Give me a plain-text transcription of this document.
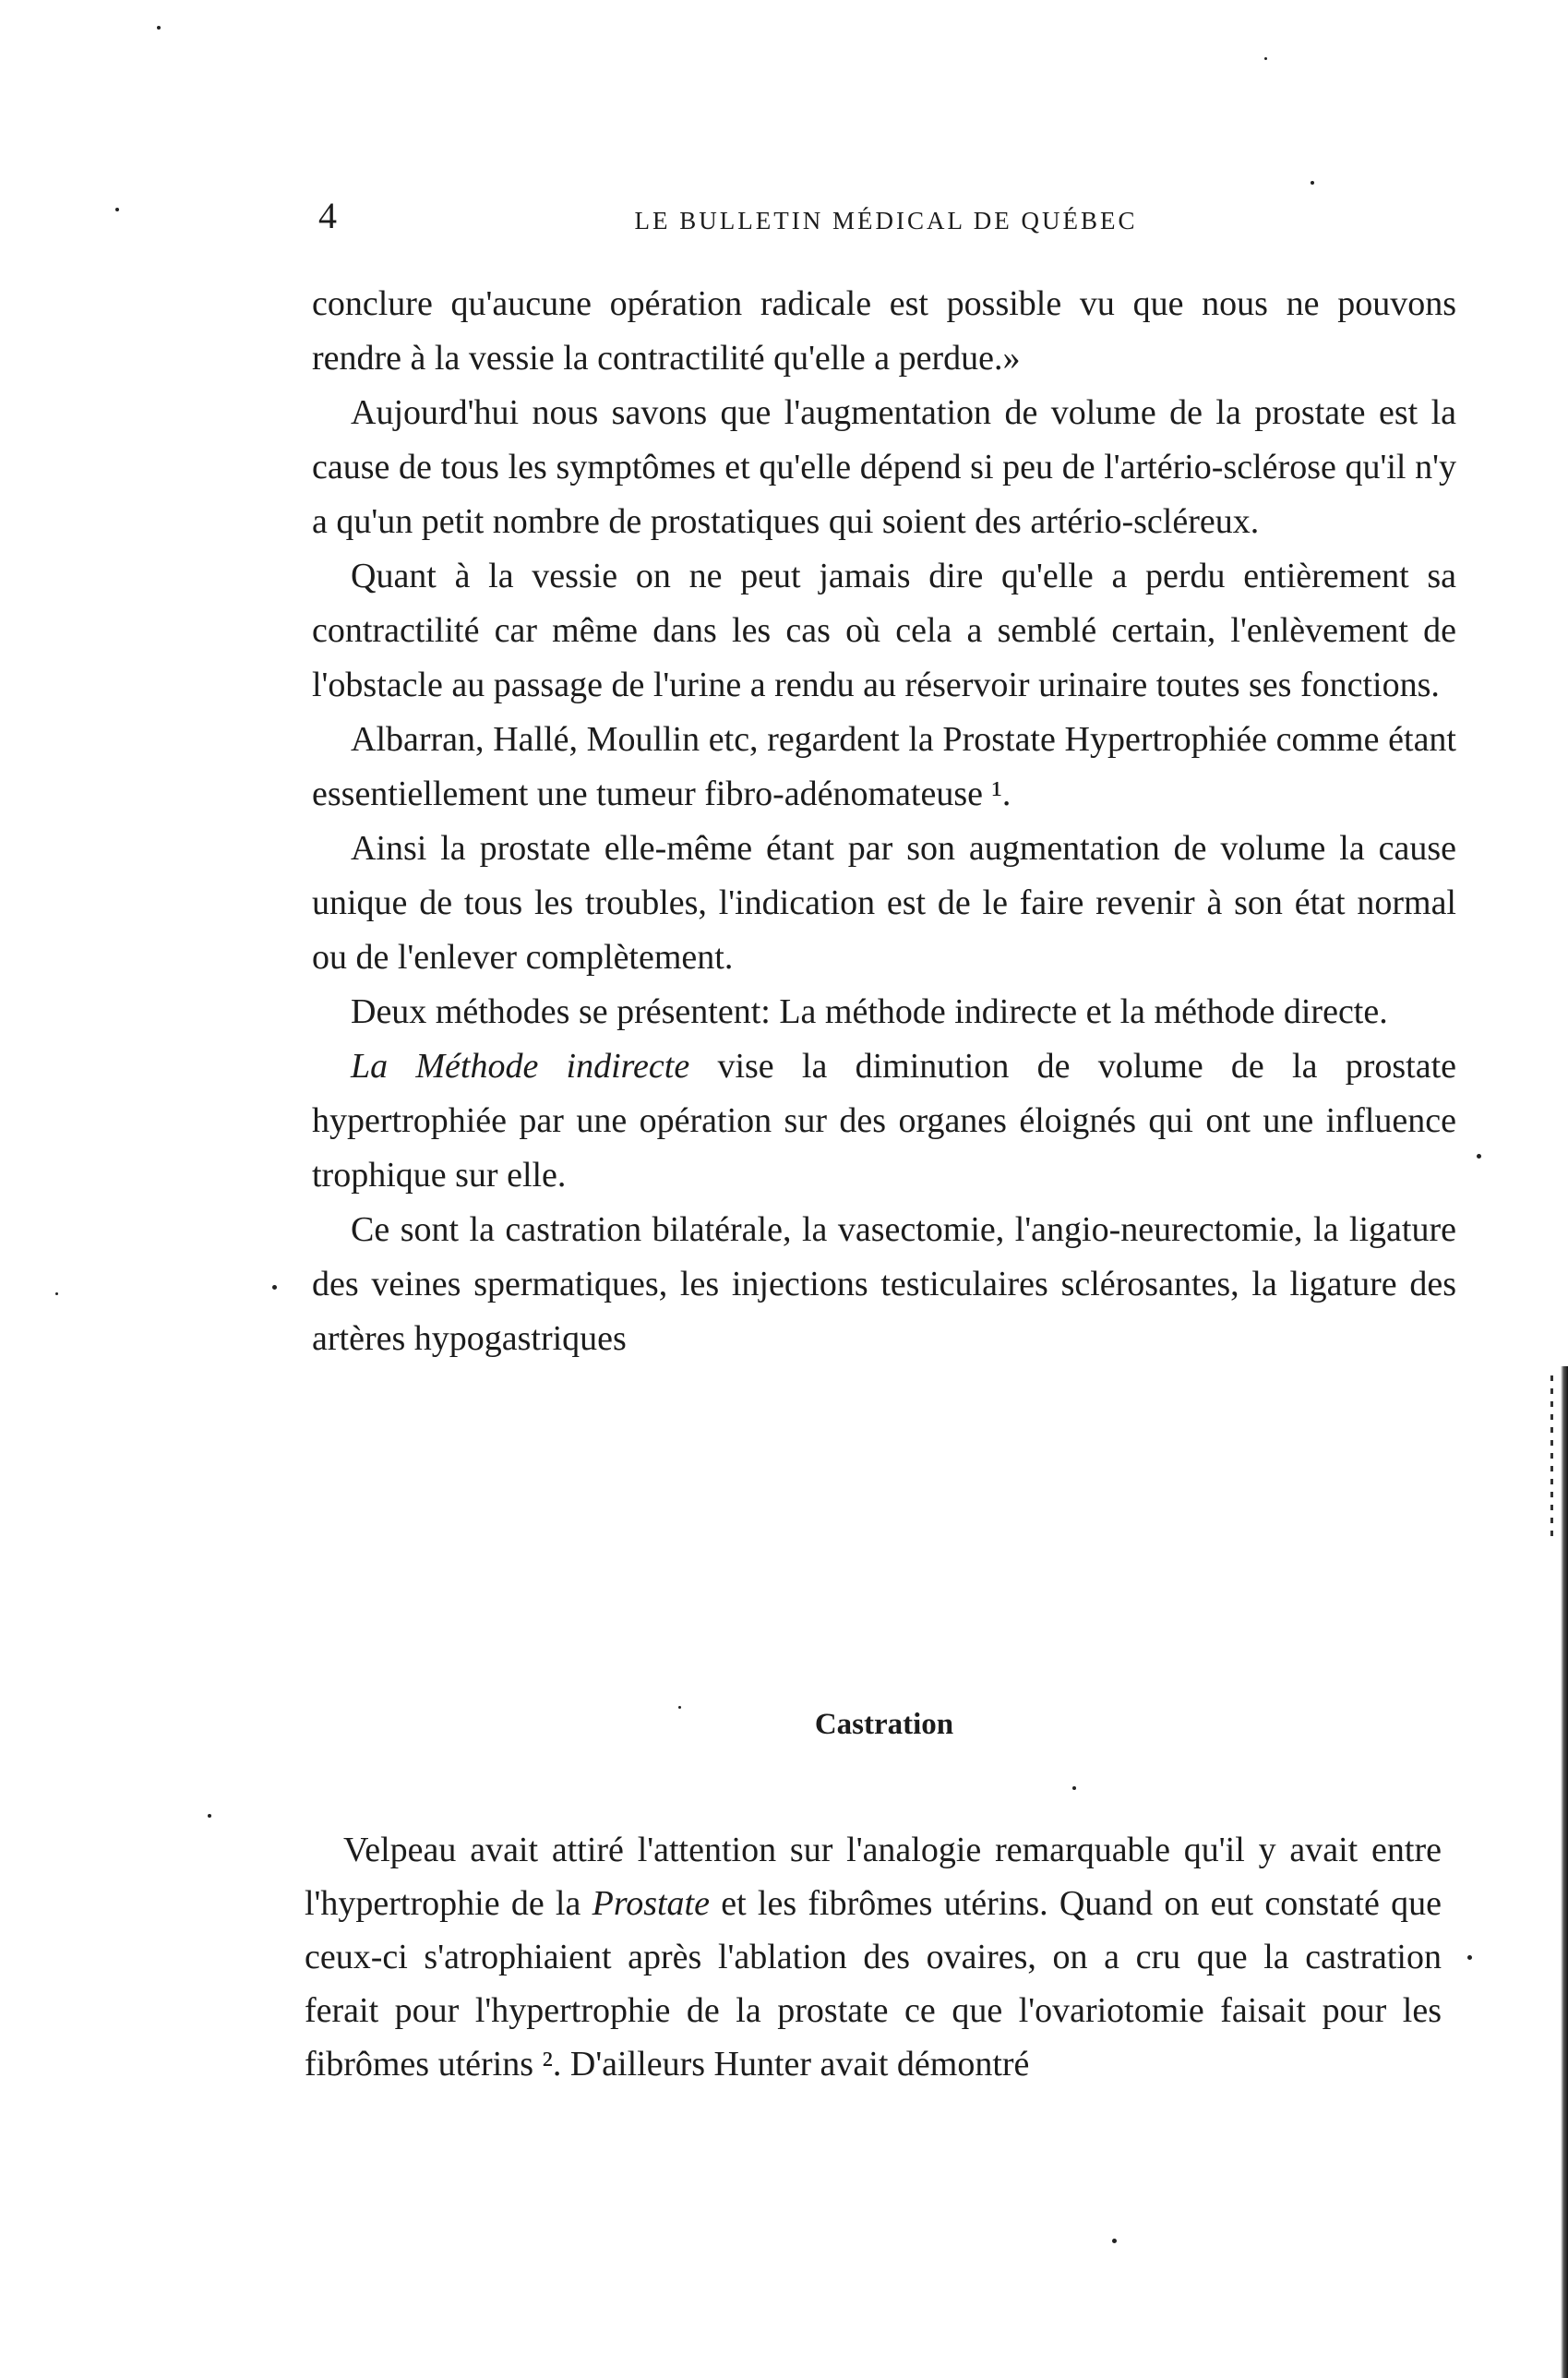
4	LE BULLETIN MÉDICAL DE QUÉBEC

conclure qu'aucune opération radicale est possible vu que nous ne pouvons rendre à la vessie la contractilité qu'elle a perdue.»

Aujourd'hui nous savons que l'augmentation de volume de la prostate est la cause de tous les symptômes et qu'elle dépend si peu de l'artério-sclérose qu'il n'y a qu'un petit nombre de prostatiques qui soient des artério-scléreux.

Quant à la vessie on ne peut jamais dire qu'elle a perdu entièrement sa contractilité car même dans les cas où cela a semblé certain, l'enlèvement de l'obstacle au passage de l'urine a rendu au réservoir urinaire toutes ses fonctions.

Albarran, Hallé, Moullin etc, regardent la Prostate Hypertrophiée comme étant essentiellement une tumeur fibro-adénomateuse ¹.

Ainsi la prostate elle-même étant par son augmentation de volume la cause unique de tous les troubles, l'indication est de le faire revenir à son état normal ou de l'enlever complètement.

Deux méthodes se présentent: La méthode indirecte et la méthode directe.

La Méthode indirecte vise la diminution de volume de la prostate hypertrophiée par une opération sur des organes éloignés qui ont une influence trophique sur elle.

Ce sont la castration bilatérale, la vasectomie, l'angio-neurectomie, la ligature des veines spermatiques, les injections testiculaires sclérosantes, la ligature des artères hypogastriques

Castration

Velpeau avait attiré l'attention sur l'analogie remarquable qu'il y avait entre l'hypertrophie de la Prostate et les fibrômes utérins. Quand on eut constaté que ceux-ci s'atrophiaient après l'ablation des ovaires, on a cru que la castration ferait pour l'hypertrophie de la prostate ce que l'ovariotomie faisait pour les fibrômes utérins ². D'ailleurs Hunter avait démontré
